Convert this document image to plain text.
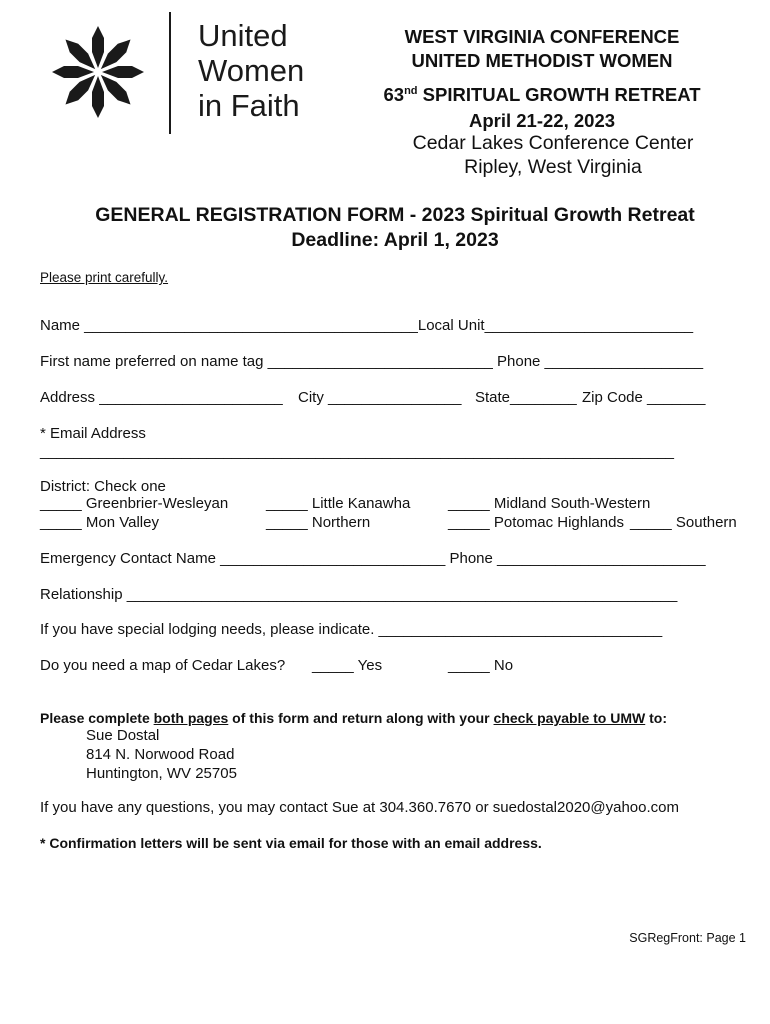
United
Women
in Faith
WEST VIRGINIA CONFERENCE
UNITED METHODIST WOMEN
63nd SPIRITUAL GROWTH RETREAT
April 21-22, 2023
Cedar Lakes Conference Center
Ripley, West Virginia
GENERAL REGISTRATION FORM - 2023 Spiritual Growth Retreat
Deadline: April 1, 2023
Please print carefully.
Name ________________________________________Local Unit_________________________
First name preferred on name tag ___________________________ Phone ___________________
Address ______________________ City ________________ State________ Zip Code _______
* Email Address
____________________________________________________________________________
District: Check one
_____ Greenbrier-Wesleyan	_____ Little Kanawha	_____ Midland South-Western
_____ Mon Valley	_____ Northern	_____ Potomac Highlands _____ Southern
Emergency Contact Name ___________________________ Phone _________________________
Relationship __________________________________________________________________
If you have special lodging needs, please indicate. __________________________________
Do you need a map of Cedar Lakes? _____ Yes	_____ No
Please complete both pages of this form and return along with your check payable to UMW to:
Sue Dostal
814 N. Norwood Road
Huntington, WV 25705
If you have any questions, you may contact Sue at 304.360.7670 or suedostal2020@yahoo.com
* Confirmation letters will be sent via email for those with an email address.
SGRegFront: Page 1
